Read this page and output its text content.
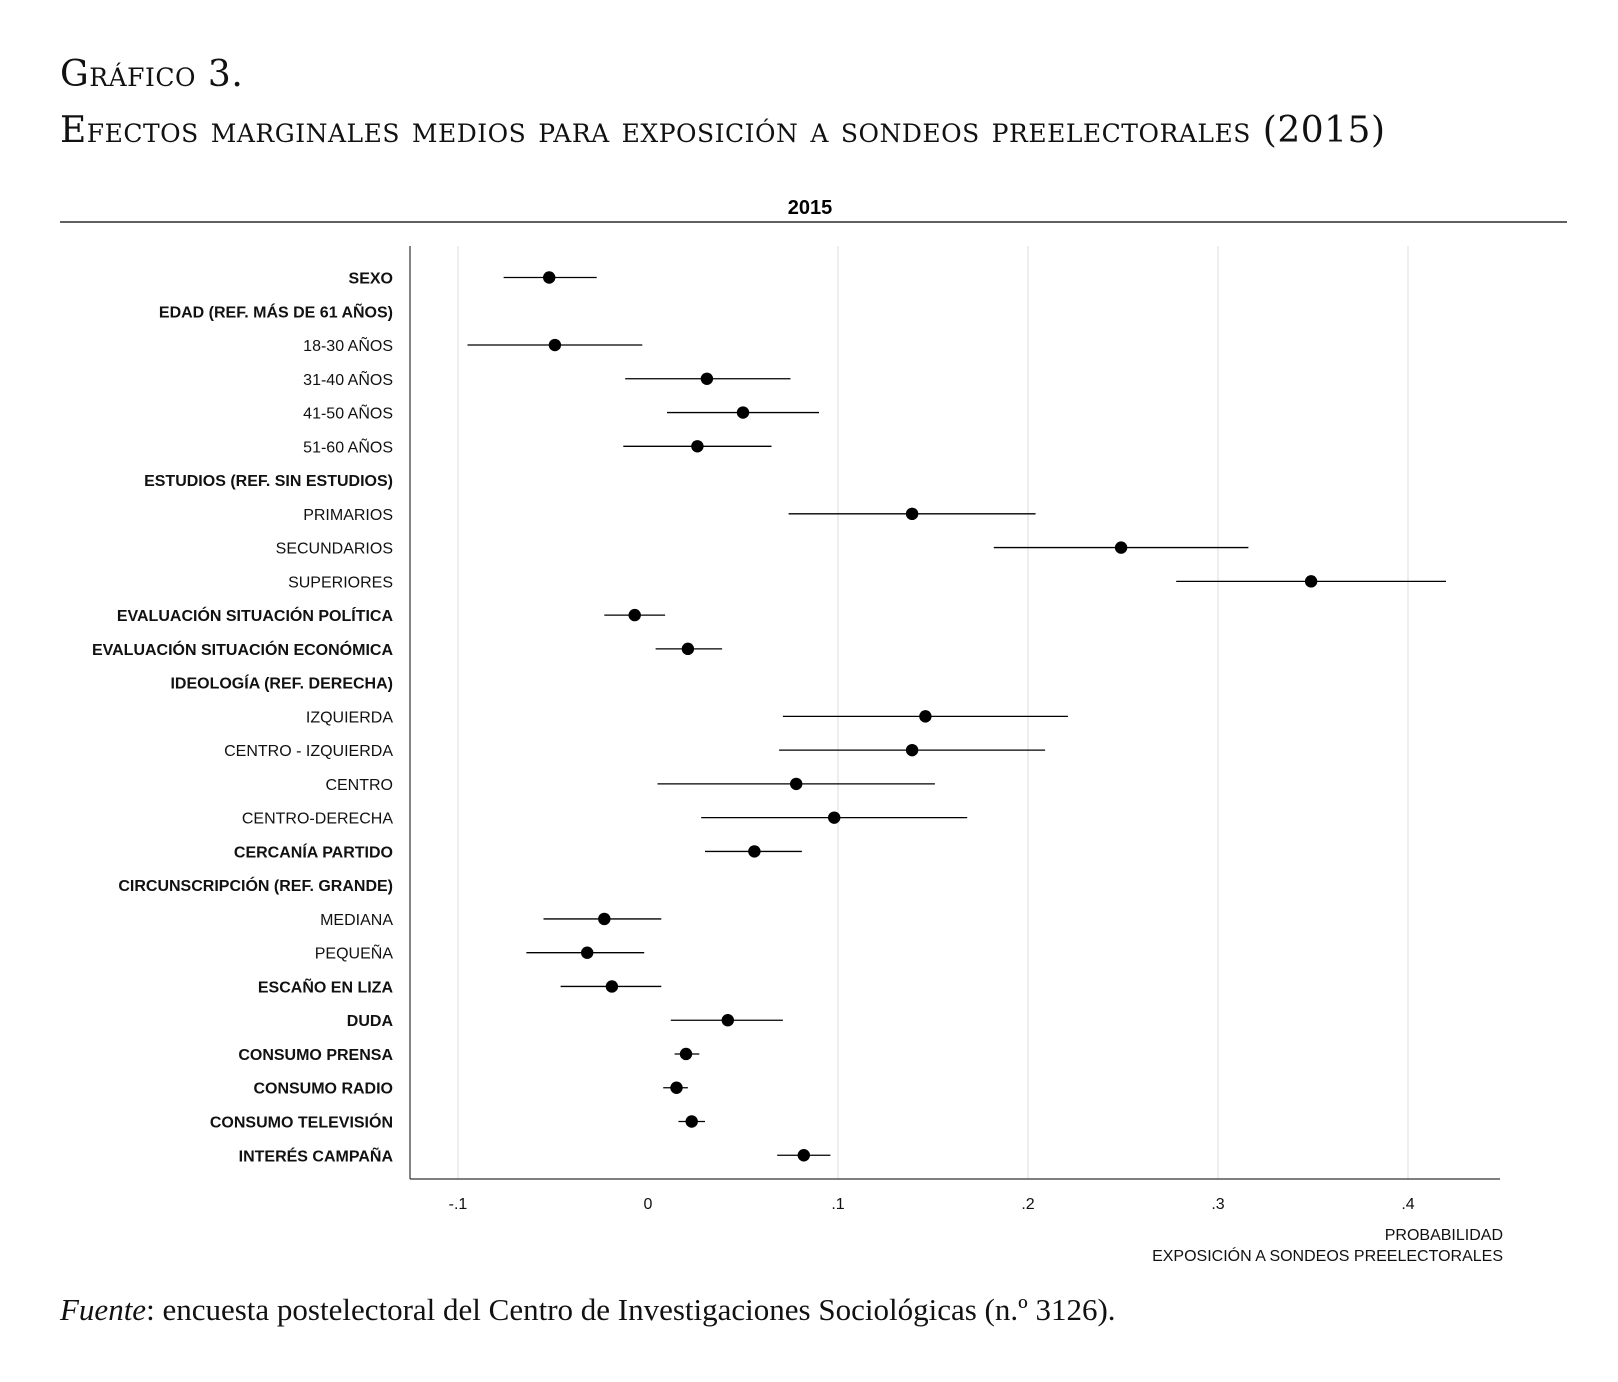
Gráfico 3.
Efectos marginales medios para exposición a sondeos preelectorales (2015)
2015
-.1	0	.1	.2	.3	.4
SEXO
EDAD (REF. MÁS DE 61 AÑOS)
18-30 AÑOS
31-40 AÑOS
41-50 AÑOS
51-60 AÑOS
ESTUDIOS (REF. SIN ESTUDIOS)
PRIMARIOS
SECUNDARIOS
SUPERIORES
EVALUACIÓN SITUACIÓN POLÍTICA
EVALUACIÓN SITUACIÓN ECONÓMICA
IDEOLOGÍA (REF. DERECHA)
IZQUIERDA
CENTRO - IZQUIERDA
CENTRO
CENTRO-DERECHA
CERCANÍA PARTIDO
CIRCUNSCRIPCIÓN (REF. GRANDE)
MEDIANA
PEQUEÑA
ESCAÑO EN LIZA
DUDA
CONSUMO PRENSA
CONSUMO RADIO
CONSUMO TELEVISIÓN
INTERÉS CAMPAÑA
PROBABILIDAD
EXPOSICIÓN A SONDEOS PREELECTORALES
Fuente: encuesta postelectoral del Centro de Investigaciones Sociológicas (n.º 3126).
